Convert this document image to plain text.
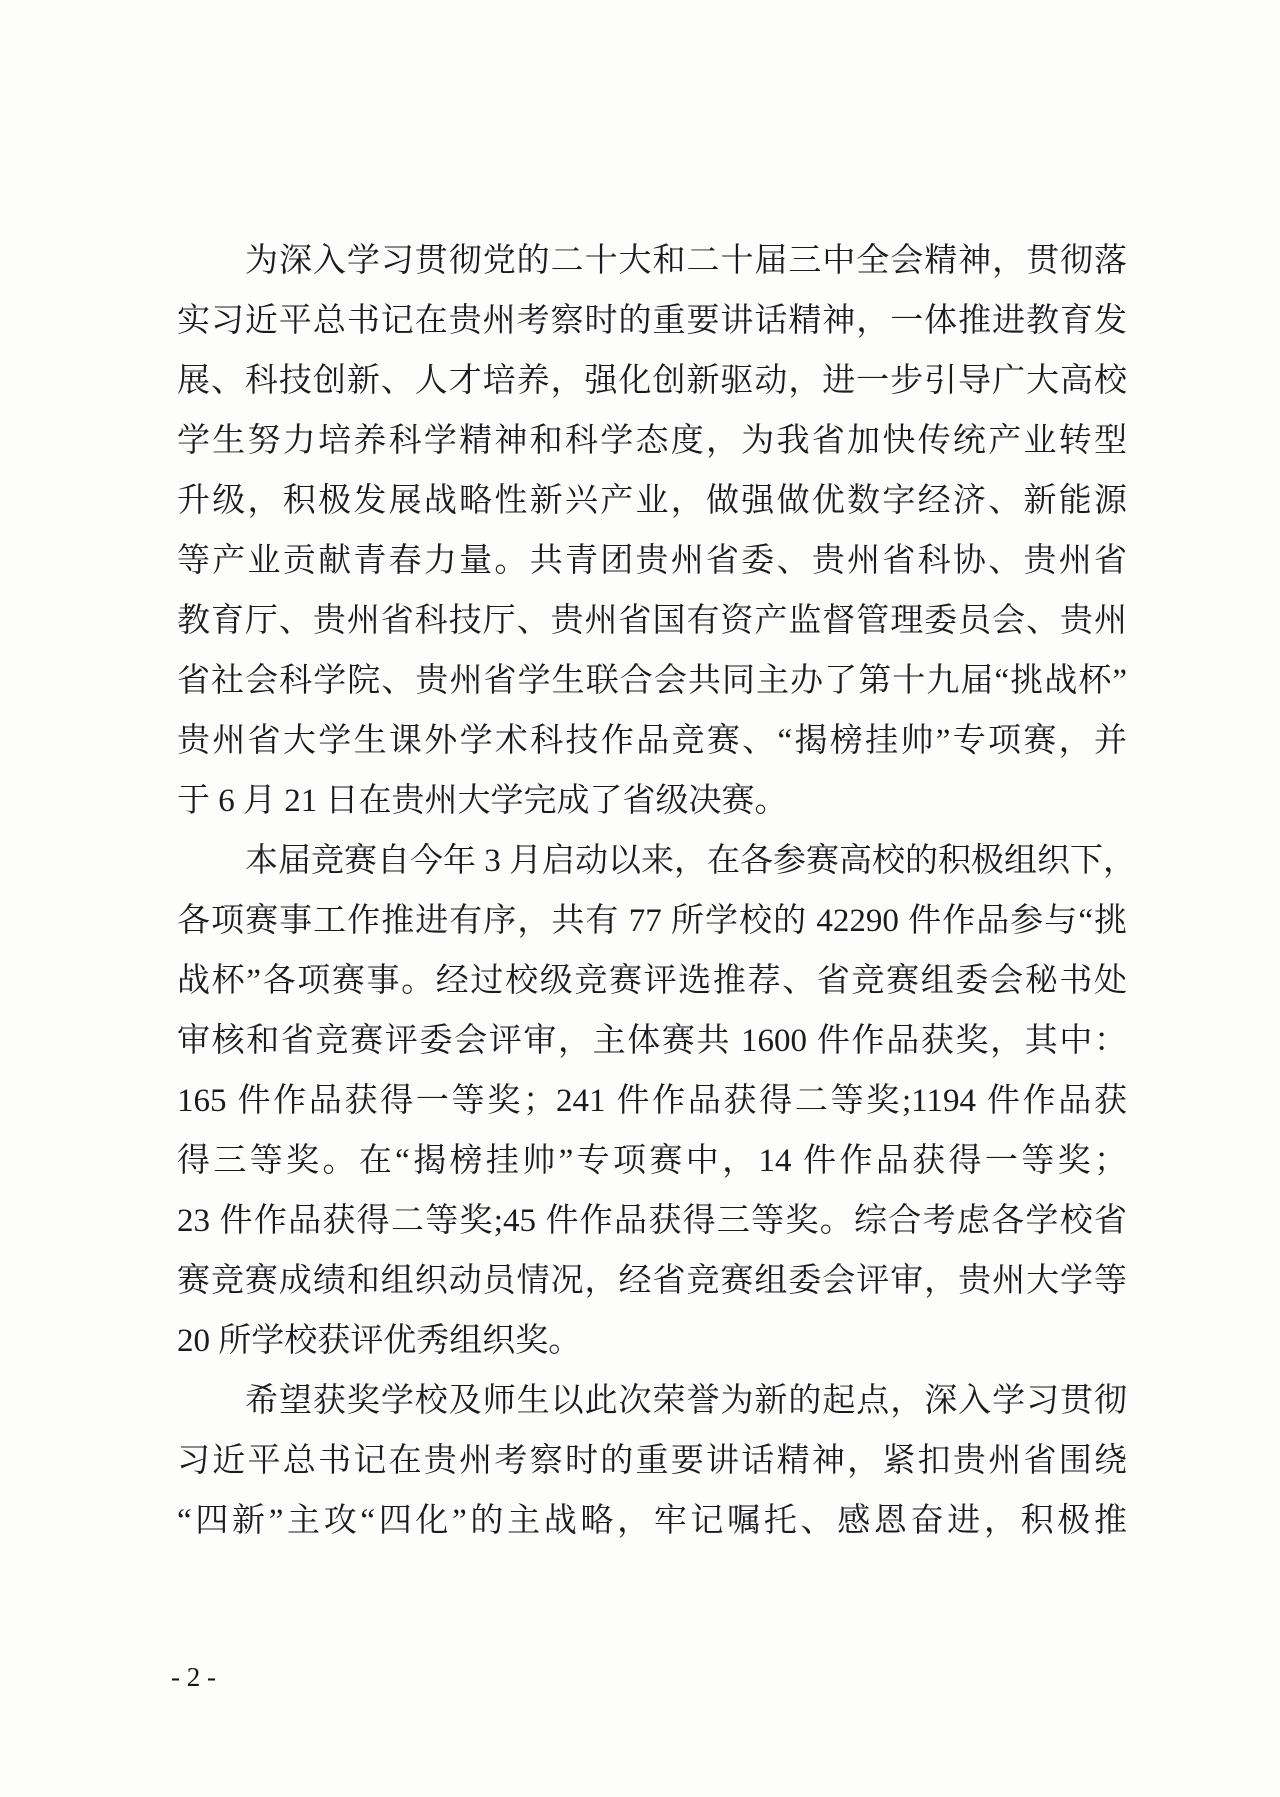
为深入学习贯彻党的二十大和二十届三中全会精神，贯彻落
实习近平总书记在贵州考察时的重要讲话精神，一体推进教育发
展、科技创新、人才培养，强化创新驱动，进一步引导广大高校
学生努力培养科学精神和科学态度，为我省加快传统产业转型
升级，积极发展战略性新兴产业，做强做优数字经济、新能源
等产业贡献青春力量。共青团贵州省委、贵州省科协、贵州省
教育厅、贵州省科技厅、贵州省国有资产监督管理委员会、贵州
省社会科学院、贵州省学生联合会共同主办了第十九届“挑战杯”
贵州省大学生课外学术科技作品竞赛、“揭榜挂帅”专项赛，并
于 6 月 21 日在贵州大学完成了省级决赛。
本届竞赛自今年 3 月启动以来，在各参赛高校的积极组织下，
各项赛事工作推进有序，共有 77 所学校的 42290 件作品参与“挑
战杯”各项赛事。经过校级竞赛评选推荐、省竞赛组委会秘书处
审核和省竞赛评委会评审，主体赛共 1600 件作品获奖，其中：
165 件作品获得一等奖；241 件作品获得二等奖;1194 件作品获
得三等奖。在“揭榜挂帅”专项赛中，14 件作品获得一等奖；
23 件作品获得二等奖;45 件作品获得三等奖。综合考虑各学校省
赛竞赛成绩和组织动员情况，经省竞赛组委会评审，贵州大学等
20 所学校获评优秀组织奖。
希望获奖学校及师生以此次荣誉为新的起点，深入学习贯彻
习近平总书记在贵州考察时的重要讲话精神，紧扣贵州省围绕
“四新”主攻“四化”的主战略，牢记嘱托、感恩奋进，积极推
- 2 -
